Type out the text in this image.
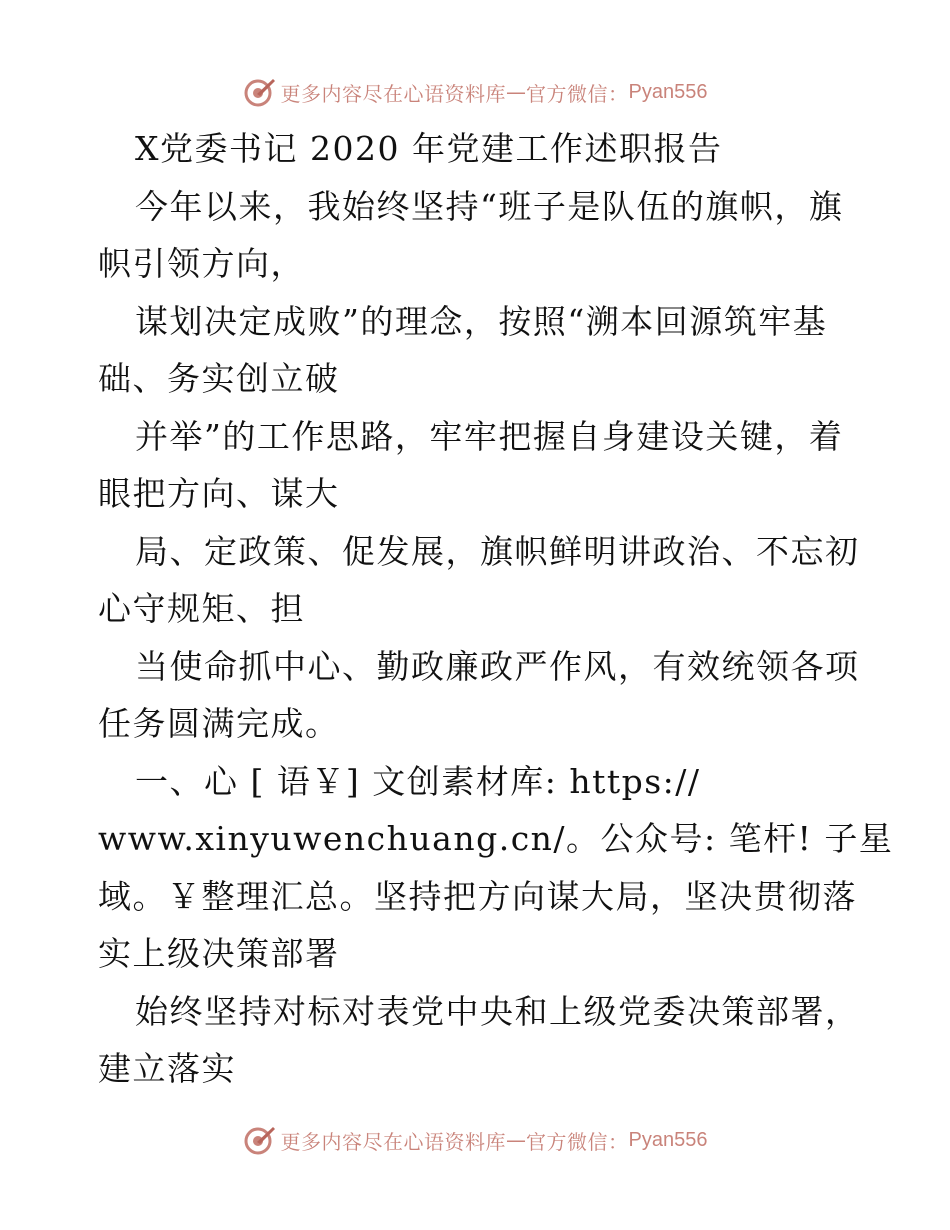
更多内容尽在心语资料库 — 官方微信： Pyan556
X党委书记 2020 年党建工作述职报告
今年以来，我始终坚持“班子是队伍的旗帜，旗
帜引领方向，
谋划决定成败”的理念，按照“溯本回源筑牢基
础、务实创立破
并举”的工作思路，牢牢把握自身建设关键，着
眼把方向、谋大
局、定政策、促发展，旗帜鲜明讲政治、不忘初
心守规矩、担
当使命抓中心、勤政廉政严作风，有效统领各项
任务圆满完成。
一、心 [ 语￥] 文创素材库: https://
www.xinyuwenchuang.cn/。公众号: 笔杆! 子星
域。￥整理汇总。坚持把方向谋大局，坚决贯彻落
实上级决策部署
始终坚持对标对表党中央和上级党委决策部署，
建立落实
更多内容尽在心语资料库 — 官方微信： Pyan556
